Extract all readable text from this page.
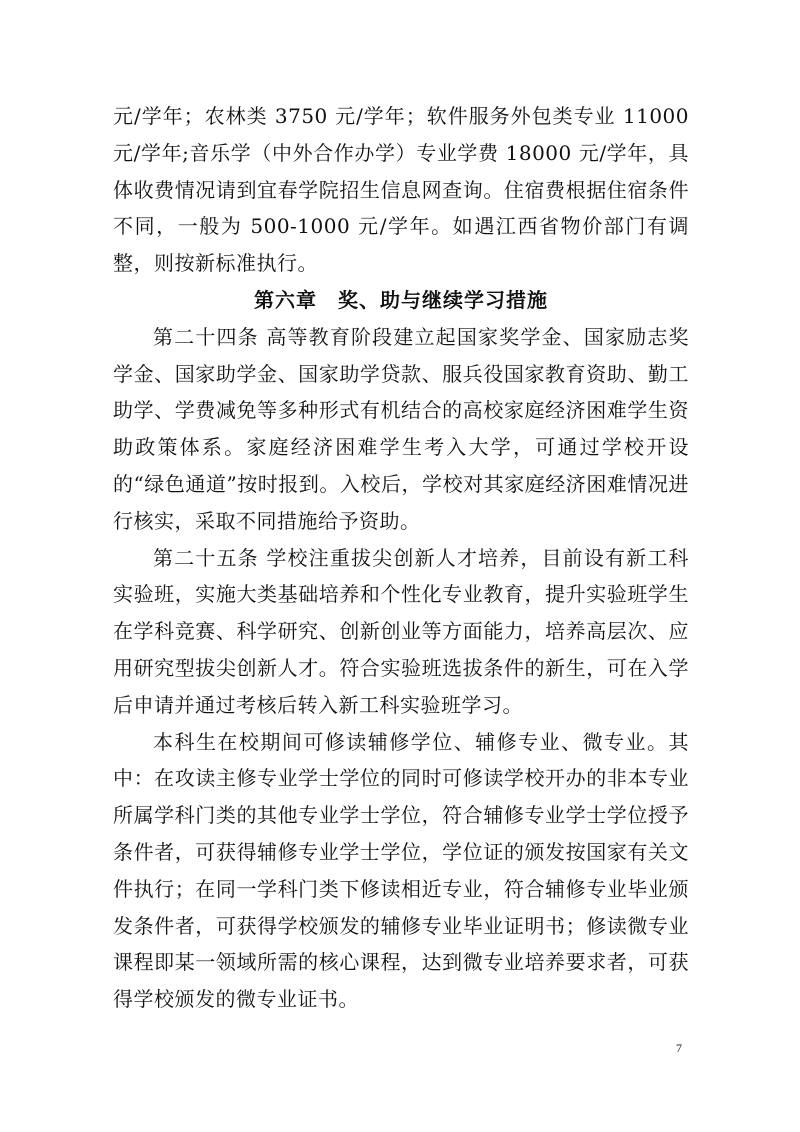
元/学年；农林类 3750 元/学年；软件服务外包类专业 11000 元/学年;音乐学（中外合作办学）专业学费 18000 元/学年，具体收费情况请到宜春学院招生信息网查询。住宿费根据住宿条件不同，一般为 500-1000 元/学年。如遇江西省物价部门有调整，则按新标准执行。

第六章　奖、助与继续学习措施

第二十四条 高等教育阶段建立起国家奖学金、国家励志奖学金、国家助学金、国家助学贷款、服兵役国家教育资助、勤工助学、学费减免等多种形式有机结合的高校家庭经济困难学生资助政策体系。家庭经济困难学生考入大学，可通过学校开设的“绿色通道”按时报到。入校后，学校对其家庭经济困难情况进行核实，采取不同措施给予资助。

第二十五条 学校注重拔尖创新人才培养，目前设有新工科实验班，实施大类基础培养和个性化专业教育，提升实验班学生在学科竞赛、科学研究、创新创业等方面能力，培养高层次、应用研究型拔尖创新人才。符合实验班选拔条件的新生，可在入学后申请并通过考核后转入新工科实验班学习。

本科生在校期间可修读辅修学位、辅修专业、微专业。其中：在攻读主修专业学士学位的同时可修读学校开办的非本专业所属学科门类的其他专业学士学位，符合辅修专业学士学位授予条件者，可获得辅修专业学士学位，学位证的颁发按国家有关文件执行；在同一学科门类下修读相近专业，符合辅修专业毕业颁发条件者，可获得学校颁发的辅修专业毕业证明书；修读微专业课程即某一领域所需的核心课程，达到微专业培养要求者，可获得学校颁发的微专业证书。

7
